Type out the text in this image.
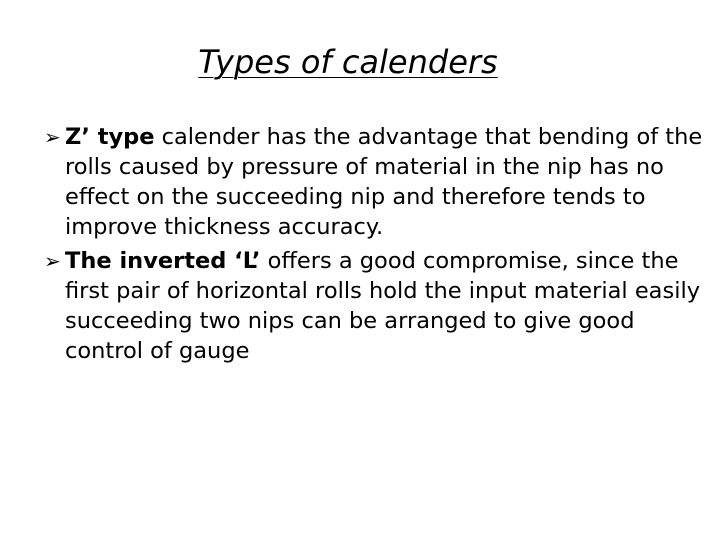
Types of calenders
➢ Z’ type calender has the advantage that bending of the
rolls caused by pressure of material in the nip has no
effect on the succeeding nip and therefore tends to
improve thickness accuracy.
➢ The inverted ‘L’ offers a good compromise, since the
first pair of horizontal rolls hold the input material easily
succeeding two nips can be arranged to give good
control of gauge
